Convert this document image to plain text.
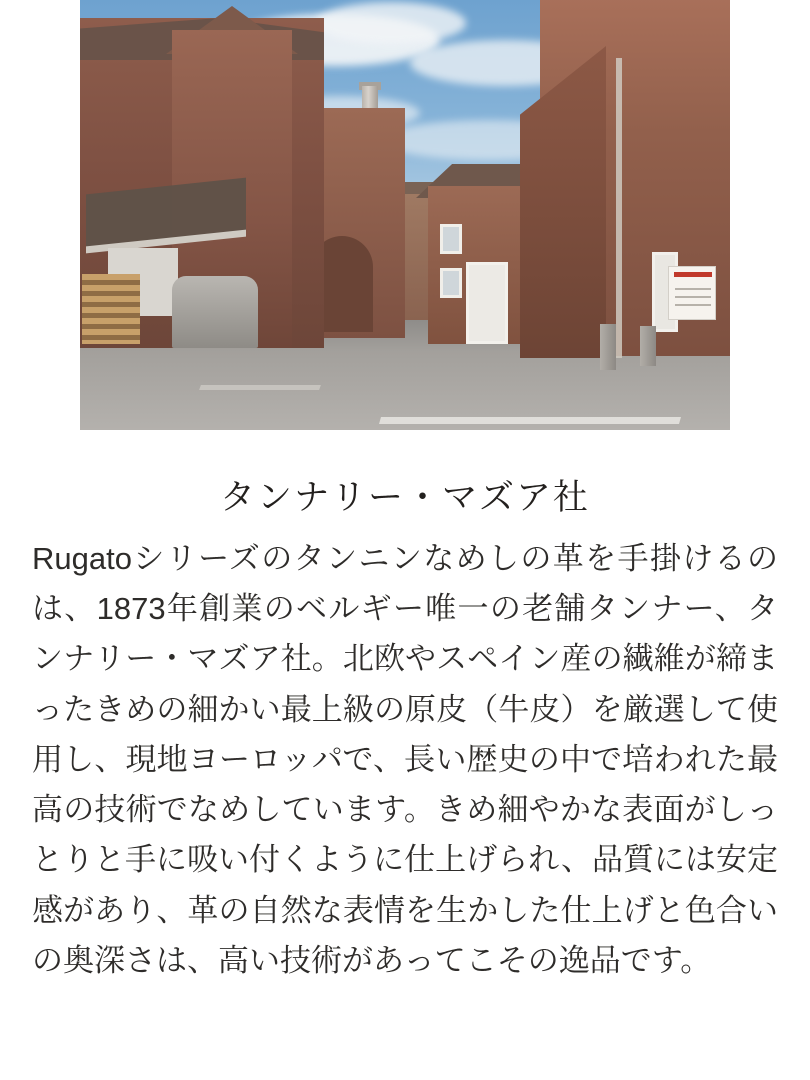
タンナリー・マズア社

Rugatoシリーズのタンニンなめしの革を手掛けるのは、1873年創業のベルギー唯一の老舗タンナー、タンナリー・マズア社。北欧やスペイン産の繊維が締まったきめの細かい最上級の原皮（牛皮）を厳選して使用し、現地ヨーロッパで、長い歴史の中で培われた最高の技術でなめしています。きめ細やかな表面がしっとりと手に吸い付くように仕上げられ、品質には安定感があり、革の自然な表情を生かした仕上げと色合いの奥深さは、高い技術があってこその逸品です。
